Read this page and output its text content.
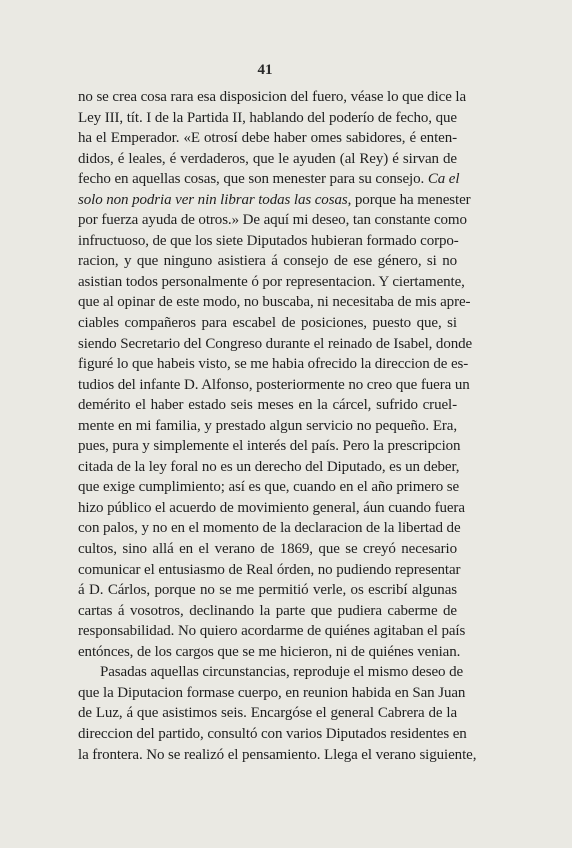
41
no se crea cosa rara esa disposicion del fuero, véase lo que dice la
Ley III, tít. I de la Partida II, hablando del poderío de fecho, que
ha el Emperador. «E otrosí debe haber omes sabidores, é enten-
didos, é leales, é verdaderos, que le ayuden (al Rey) é sirvan de
fecho en aquellas cosas, que son menester para su consejo. Ca el
solo non podria ver nin librar todas las cosas, porque ha menester
por fuerza ayuda de otros.» De aquí mi deseo, tan constante como
infructuoso, de que los siete Diputados hubieran formado corpo-
racion, y que ninguno asistiera á consejo de ese género, si no
asistian todos personalmente ó por representacion. Y ciertamente,
que al opinar de este modo, no buscaba, ni necesitaba de mis apre-
ciables compañeros para escabel de posiciones, puesto que, si
siendo Secretario del Congreso durante el reinado de Isabel, donde
figuré lo que habeis visto, se me habia ofrecido la direccion de es-
tudios del infante D. Alfonso, posteriormente no creo que fuera un
demérito el haber estado seis meses en la cárcel, sufrido cruel-
mente en mi familia, y prestado algun servicio no pequeño. Era,
pues, pura y simplemente el interés del país. Pero la prescripcion
citada de la ley foral no es un derecho del Diputado, es un deber,
que exige cumplimiento; así es que, cuando en el año primero se
hizo público el acuerdo de movimiento general, áun cuando fuera
con palos, y no en el momento de la declaracion de la libertad de
cultos, sino allá en el verano de 1869, que se creyó necesario
comunicar el entusiasmo de Real órden, no pudiendo representar
á D. Cárlos, porque no se me permitió verle, os escribí algunas
cartas á vosotros, declinando la parte que pudiera caberme de
responsabilidad. No quiero acordarme de quiénes agitaban el país
entónces, de los cargos que se me hicieron, ni de quiénes venian.
Pasadas aquellas circunstancias, reproduje el mismo deseo de
que la Diputacion formase cuerpo, en reunion habida en San Juan
de Luz, á que asistimos seis. Encargóse el general Cabrera de la
direccion del partido, consultó con varios Diputados residentes en
la frontera. No se realizó el pensamiento. Llega el verano siguiente,
